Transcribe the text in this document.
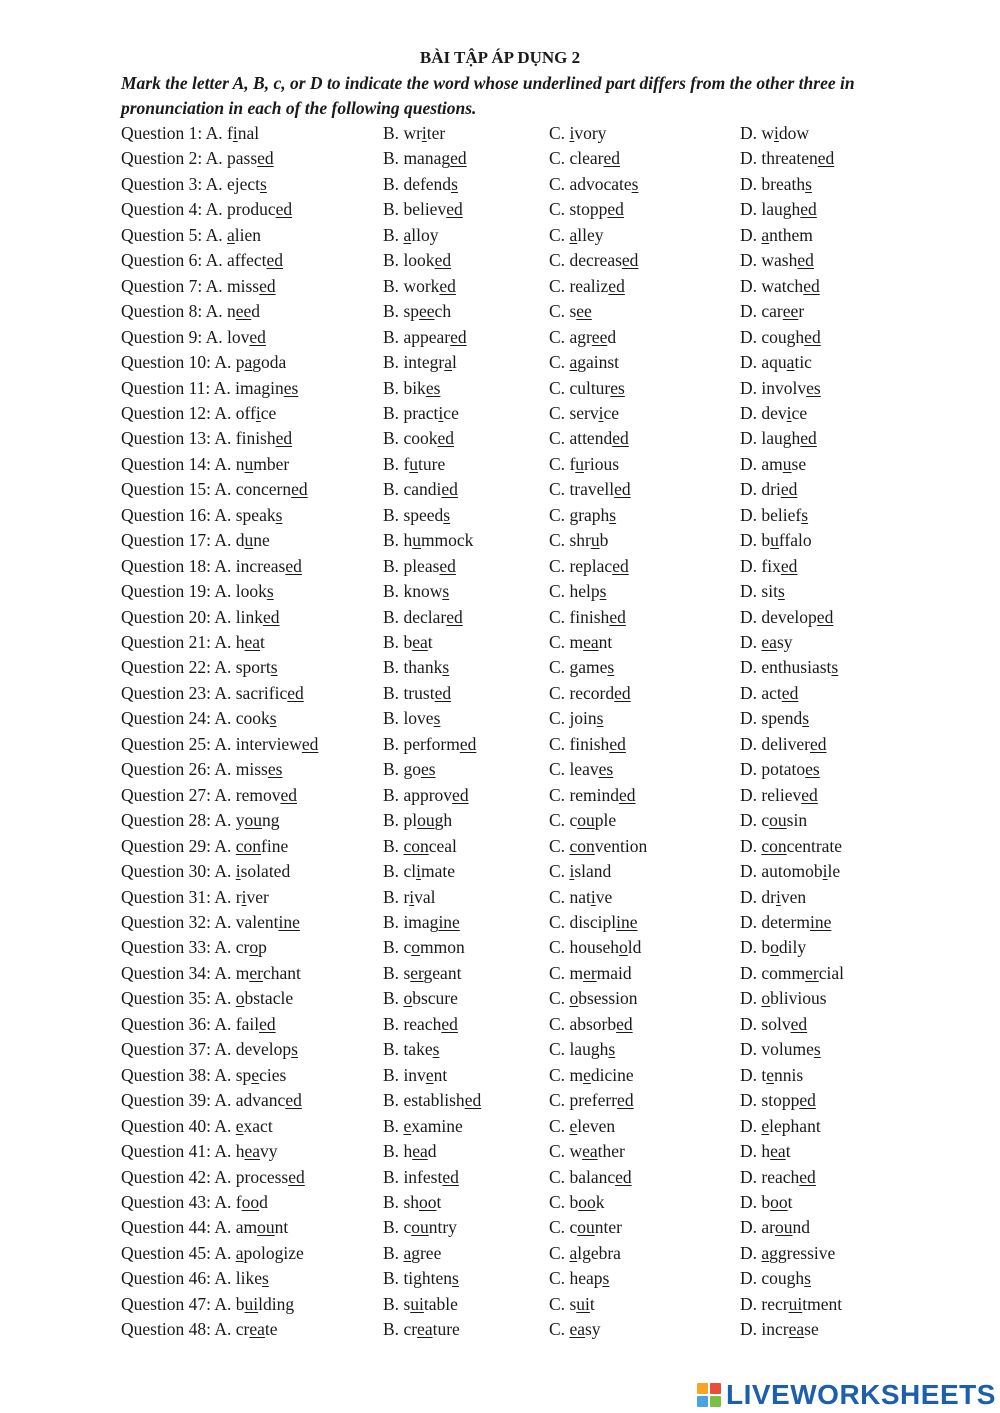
BÀI TẬP ÁP DỤNG 2
Mark the letter A, B, c, or D to indicate the word whose underlined part differs from the other three in pronunciation in each of the following questions.
Question 1: A. final	B. writer	C. ivory	D. widow
Question 2: A. passed	B. managed	C. cleared	D. threatened
Question 3: A. ejects	B. defends	C. advocates	D. breaths
Question 4: A. produced	B. believed	C. stopped	D. laughed
Question 5: A. alien	B. alloy	C. alley	D. anthem
Question 6: A. affected	B. looked	C. decreased	D. washed
Question 7: A. missed	B. worked	C. realized	D. watched
Question 8: A. need	B. speech	C. see	D. career
Question 9: A. loved	B. appeared	C. agreed	D. coughed
Question 10: A. pagoda	B. integral	C. against	D. aquatic
Question 11: A. imagines	B. bikes	C. cultures	D. involves
Question 12: A. office	B. practice	C. service	D. device
Question 13: A. finished	B. cooked	C. attended	D. laughed
Question 14: A. number	B. future	C. furious	D. amuse
Question 15: A. concerned	B. candied	C. travelled	D. dried
Question 16: A. speaks	B. speeds	C. graphs	D. beliefs
Question 17: A. dune	B. hummock	C. shrub	D. buffalo
Question 18: A. increased	B. pleased	C. replaced	D. fixed
Question 19: A. looks	B. knows	C. helps	D. sits
Question 20: A. linked	B. declared	C. finished	D. developed
Question 21: A. heat	B. beat	C. meant	D. easy
Question 22: A. sports	B. thanks	C. games	D. enthusiasts
Question 23: A. sacrificed	B. trusted	C. recorded	D. acted
Question 24: A. cooks	B. loves	C. joins	D. spends
Question 25: A. interviewed	B. performed	C. finished	D. delivered
Question 26: A. misses	B. goes	C. leaves	D. potatoes
Question 27: A. removed	B. approved	C. reminded	D. relieved
Question 28: A. young	B. plough	C. couple	D. cousin
Question 29: A. confine	B. conceal	C. convention	D. concentrate
Question 30: A. isolated	B. climate	C. island	D. automobile
Question 31: A. river	B. rival	C. native	D. driven
Question 32: A. valentine	B. imagine	C. discipline	D. determine
Question 33: A. crop	B. common	C. household	D. bodily
Question 34: A. merchant	B. sergeant	C. mermaid	D. commercial
Question 35: A. obstacle	B. obscure	C. obsession	D. oblivious
Question 36: A. failed	B. reached	C. absorbed	D. solved
Question 37: A. develops	B. takes	C. laughs	D. volumes
Question 38: A. species	B. invent	C. medicine	D. tennis
Question 39: A. advanced	B. established	C. preferred	D. stopped
Question 40: A. exact	B. examine	C. eleven	D. elephant
Question 41: A. heavy	B. head	C. weather	D. heat
Question 42: A. processed	B. infested	C. balanced	D. reached
Question 43: A. food	B. shoot	C. book	D. boot
Question 44: A. amount	B. country	C. counter	D. around
Question 45: A. apologize	B. agree	C. algebra	D. aggressive
Question 46: A. likes	B. tightens	C. heaps	D. coughs
Question 47: A. building	B. suitable	C. suit	D. recruitment
Question 48: A. create	B. creature	C. easy	D. increase
LIVEWORKSHEETS
